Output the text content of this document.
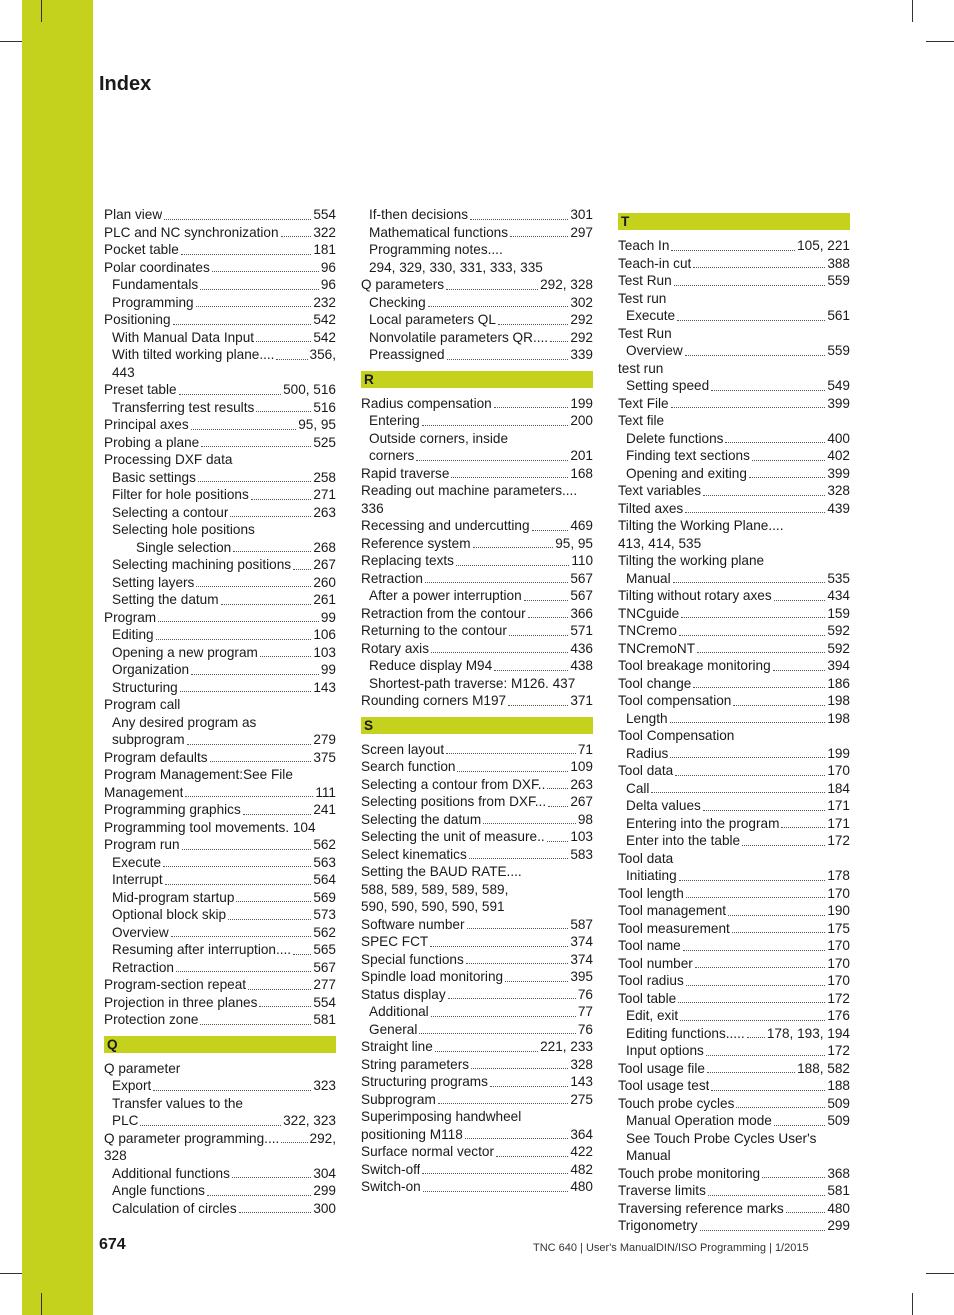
Index
Plan view	554
PLC and NC synchronization	322
Pocket table	181
Polar coordinates	96
Fundamentals	96
Programming	232
Positioning	542
With Manual Data Input	542
With tilted working plane....	356,
443
Preset table	500, 516
Transferring test results	516
Principal axes	95, 95
Probing a plane	525
Processing DXF data
Basic settings	258
Filter for hole positions	271
Selecting a contour	263
Selecting hole positions
Single selection	268
Selecting machining positions 267
Setting layers	260
Setting the datum	261
Program	99
Editing	106
Opening a new program	103
Organization	99
Structuring	143
Program call
Any desired program as
subprogram	279
Program defaults	375
Program Management:See File
Management	111
Programming graphics	241
Programming tool movements. 104
Program run	562
Execute	563
Interrupt	564
Mid-program startup	569
Optional block skip	573
Overview	562
Resuming after interruption.... 565
Retraction	567
Program-section repeat	277
Projection in three planes	554
Protection zone	581
Q
Q parameter
Export	323
Transfer values to the
PLC	322, 323
Q parameter programming.... 292,
328
Additional functions	304
Angle functions	299
Calculation of circles	300
If-then decisions	301
Mathematical functions	297
Programming notes....
294, 329, 330, 331, 333, 335
Q parameters	292, 328
Checking	302
Local parameters QL	292
Nonvolatile parameters QR.... 292
Preassigned	339
R
Radius compensation	199
Entering	200
Outside corners, inside
corners	201
Rapid traverse	168
Reading out machine parameters....
336
Recessing and undercutting	469
Reference system	95, 95
Replacing texts	110
Retraction	567
After a power interruption	567
Retraction from the contour	366
Returning to the contour	571
Rotary axis	436
Reduce display M94	438
Shortest-path traverse: M126. 437
Rounding corners M197	371
S
Screen layout	71
Search function	109
Selecting a contour from DXF.. 263
Selecting positions from DXF... 267
Selecting the datum	98
Selecting the unit of measure.. 103
Select kinematics	583
Setting the BAUD RATE....
588, 589, 589, 589, 589,
590, 590, 590, 590, 591
Software number	587
SPEC FCT	374
Special functions	374
Spindle load monitoring	395
Status display	76
Additional	77
General	76
Straight line	221, 233
String parameters	328
Structuring programs	143
Subprogram	275
Superimposing handwheel
positioning M118	364
Surface normal vector	422
Switch-off	482
Switch-on	480
T
Teach In	105, 221
Teach-in cut	388
Test Run	559
Test run
Execute	561
Test Run
Overview	559
test run
Setting speed	549
Text File	399
Text file
Delete functions	400
Finding text sections	402
Opening and exiting	399
Text variables	328
Tilted axes	439
Tilting the Working Plane....
413, 414, 535
Tilting the working plane
Manual	535
Tilting without rotary axes	434
TNCguide	159
TNCremo	592
TNCremoNT	592
Tool breakage monitoring	394
Tool change	186
Tool compensation	198
Length	198
Tool Compensation
Radius	199
Tool data	170
Call	184
Delta values	171
Entering into the program	171
Enter into the table	172
Tool data
Initiating	178
Tool length	170
Tool management	190
Tool measurement	175
Tool name	170
Tool number	170
Tool radius	170
Tool table	172
Edit, exit	176
Editing functions..... 178, 193, 194
Input options	172
Tool usage file	188, 582
Tool usage test	188
Touch probe cycles	509
Manual Operation mode	509
See Touch Probe Cycles User's
Manual
Touch probe monitoring	368
Traverse limits	581
Traversing reference marks	480
Trigonometry	299
674	TNC 640 | User's ManualDIN/ISO Programming | 1/2015
